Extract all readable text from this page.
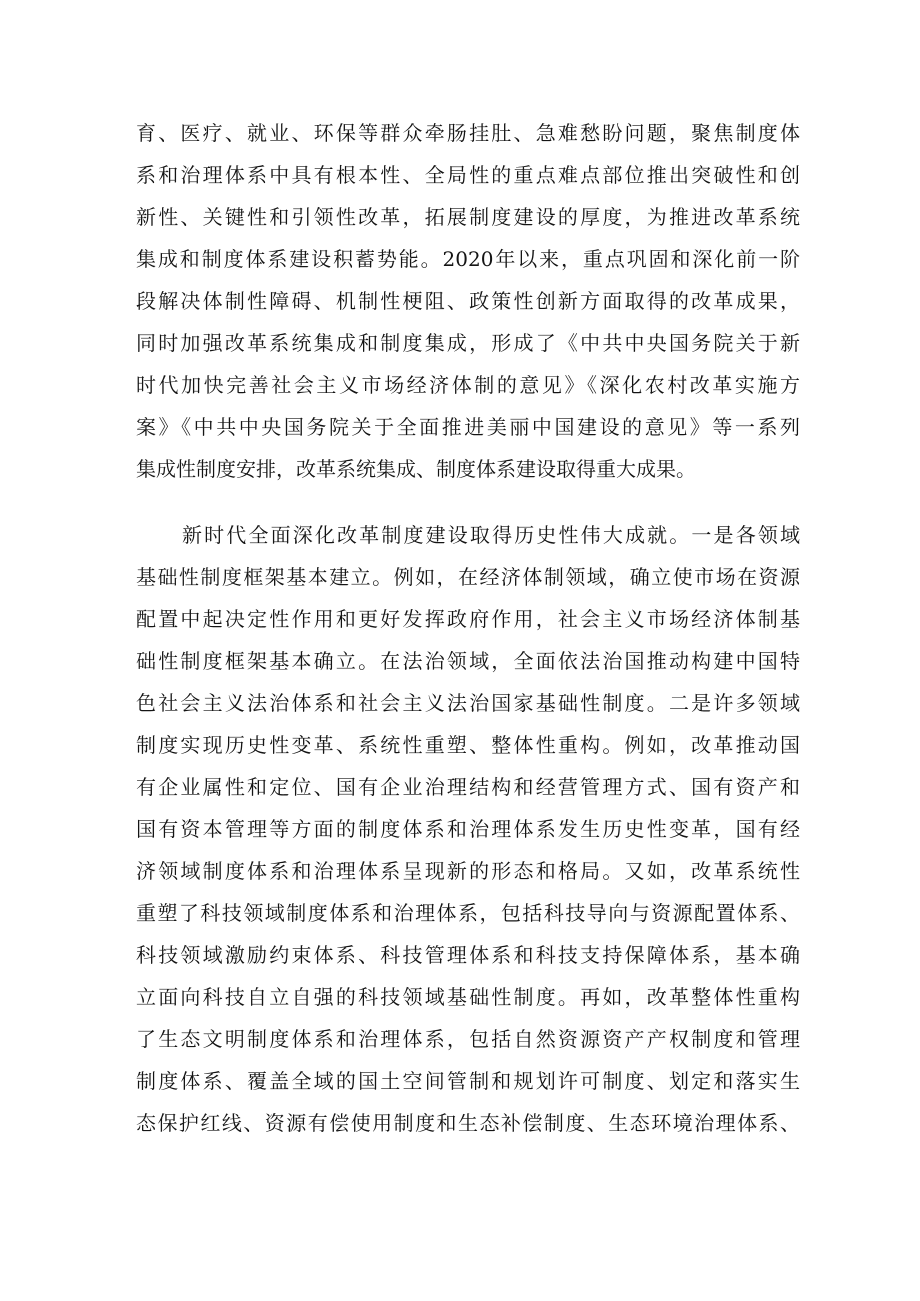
育、医疗、就业、环保等群众牵肠挂肚、急难愁盼问题，聚焦制度体
系和治理体系中具有根本性、全局性的重点难点部位推出突破性和创
新性、关键性和引领性改革，拓展制度建设的厚度，为推进改革系统
集成和制度体系建设积蓄势能。2020年以来，重点巩固和深化前一阶
段解决体制性障碍、机制性梗阻、政策性创新方面取得的改革成果，
同时加强改革系统集成和制度集成，形成了《中共中央国务院关于新
时代加快完善社会主义市场经济体制的意见》《深化农村改革实施方
案》《中共中央国务院关于全面推进美丽中国建设的意见》等一系列
集成性制度安排，改革系统集成、制度体系建设取得重大成果。
新时代全面深化改革制度建设取得历史性伟大成就。一是各领域
基础性制度框架基本建立。例如，在经济体制领域，确立使市场在资源
配置中起决定性作用和更好发挥政府作用，社会主义市场经济体制基
础性制度框架基本确立。在法治领域，全面依法治国推动构建中国特
色社会主义法治体系和社会主义法治国家基础性制度。二是许多领域
制度实现历史性变革、系统性重塑、整体性重构。例如，改革推动国
有企业属性和定位、国有企业治理结构和经营管理方式、国有资产和
国有资本管理等方面的制度体系和治理体系发生历史性变革，国有经
济领域制度体系和治理体系呈现新的形态和格局。又如，改革系统性
重塑了科技领域制度体系和治理体系，包括科技导向与资源配置体系、
科技领域激励约束体系、科技管理体系和科技支持保障体系，基本确
立面向科技自立自强的科技领域基础性制度。再如，改革整体性重构
了生态文明制度体系和治理体系，包括自然资源资产产权制度和管理
制度体系、覆盖全域的国土空间管制和规划许可制度、划定和落实生
态保护红线、资源有偿使用制度和生态补偿制度、生态环境治理体系、
